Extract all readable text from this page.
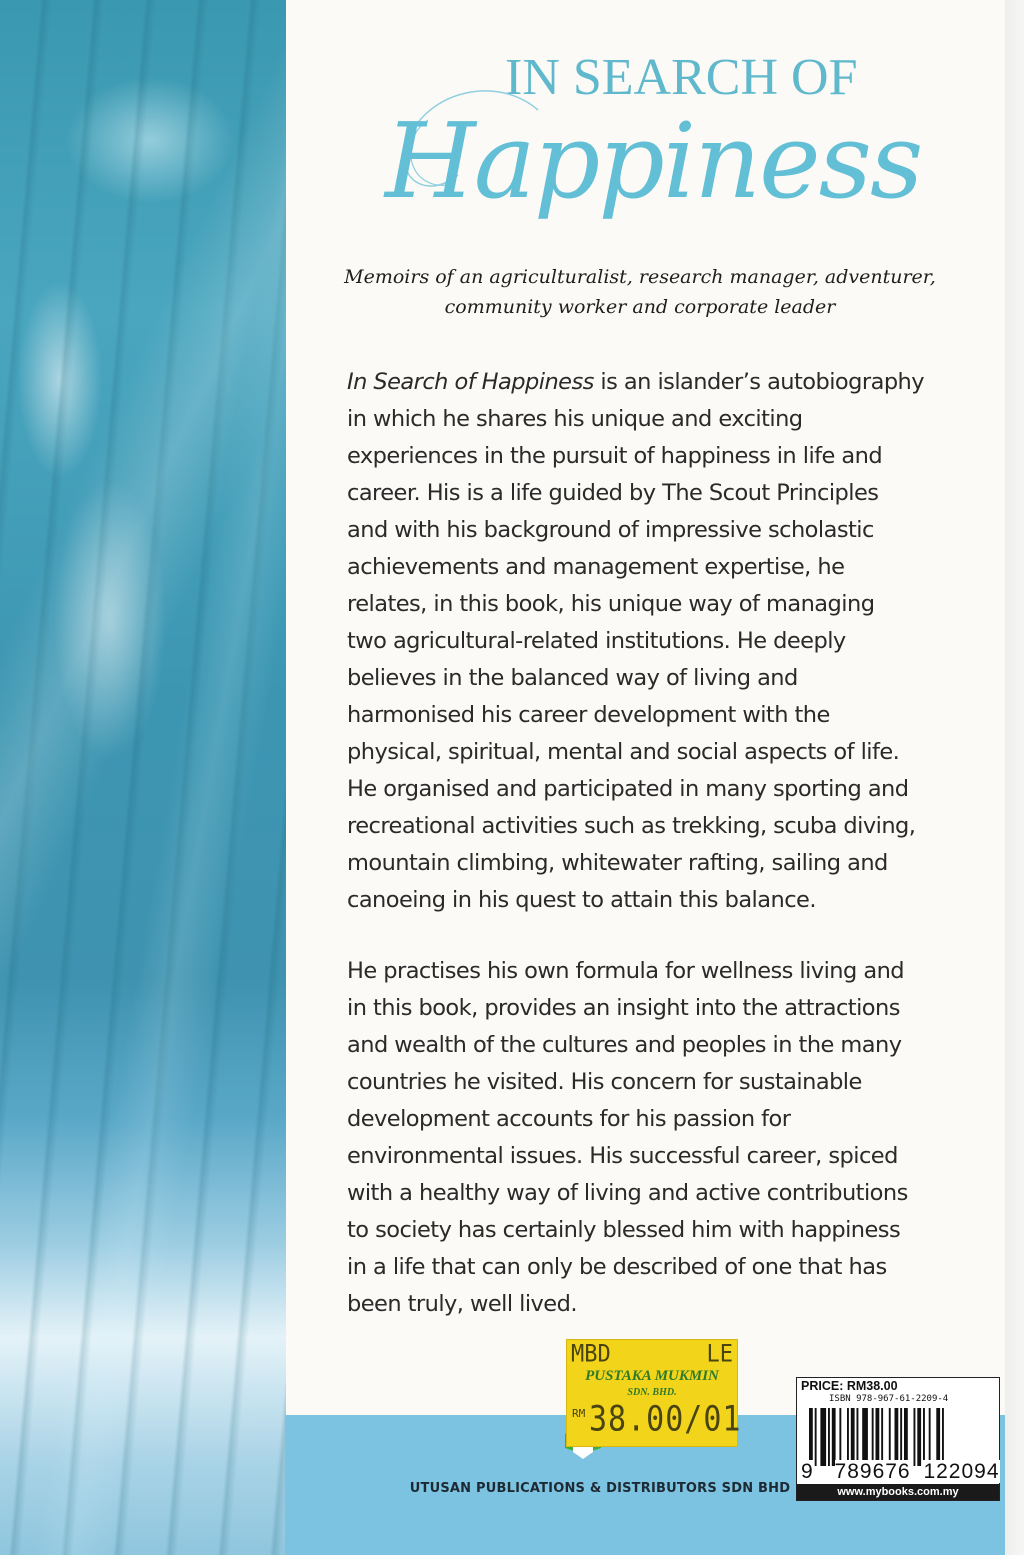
IN SEARCH OF
Happiness
Memoirs of an agriculturalist, research manager, adventurer,
community worker and corporate leader
In Search of Happiness is an islander’s autobiography
in which he shares his unique and exciting
experiences in the pursuit of happiness in life and
career. His is a life guided by The Scout Principles
and with his background of impressive scholastic
achievements and management expertise, he
relates, in this book, his unique way of managing
two agricultural-related institutions. He deeply
believes in the balanced way of living and
harmonised his career development with the
physical, spiritual, mental and social aspects of life.
He organised and participated in many sporting and
recreational activities such as trekking, scuba diving,
mountain climbing, whitewater rafting, sailing and
canoeing in his quest to attain this balance.
He practises his own formula for wellness living and
in this book, provides an insight into the attractions
and wealth of the cultures and peoples in the many
countries he visited. His concern for sustainable
development accounts for his passion for
environmental issues. His successful career, spiced
with a healthy way of living and active contributions
to society has certainly blessed him with happiness
in a life that can only be described of one that has
been truly, well lived.
UTUSAN PUBLICATIONS & DISTRIBUTORS SDN BHD
MBD	LE
PUSTAKA MUKMIN
SDN. BHD.
RM 38.00/01
PRICE: RM38.00
ISBN 978-967-61-2209-4
9 789676 122094
www.mybooks.com.my
